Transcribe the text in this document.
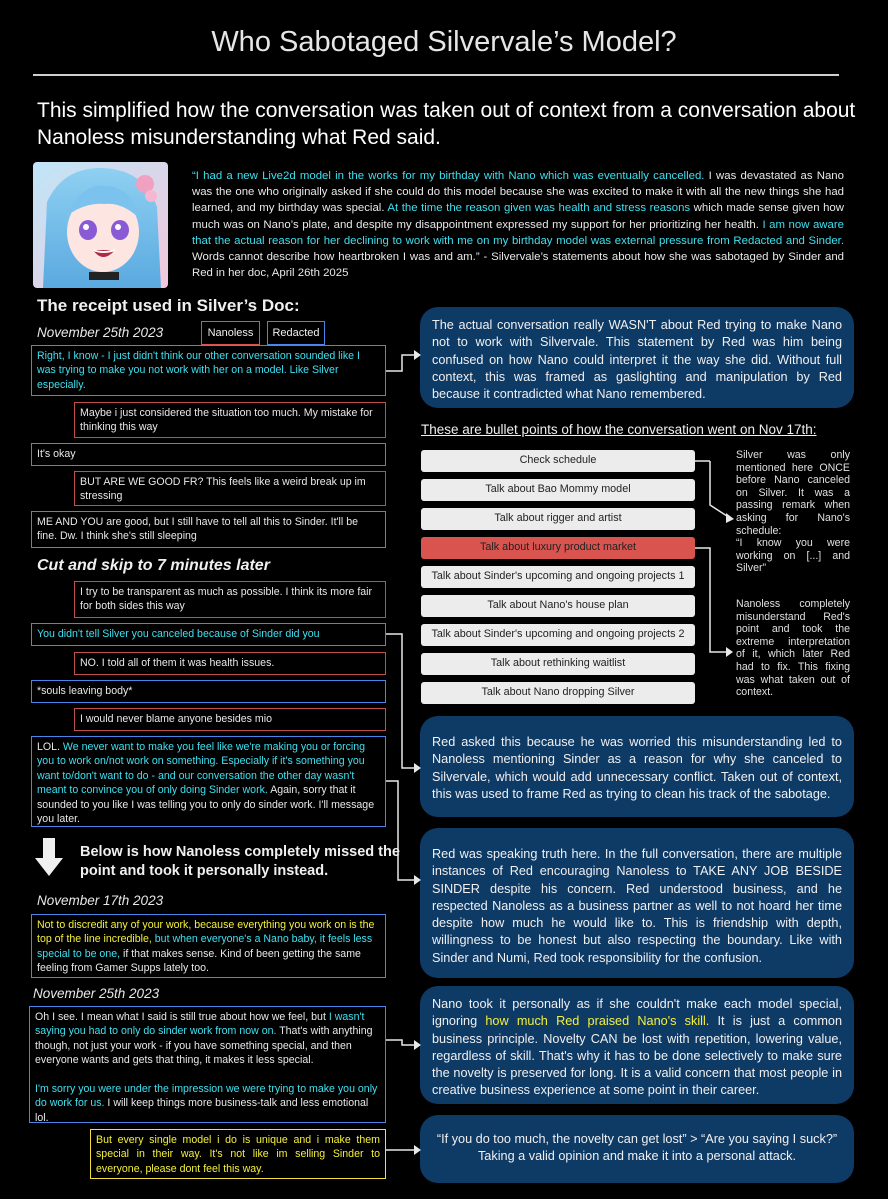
Who Sabotaged Silvervale’s Model?
This simplified how the conversation was taken out of context from a conversation about Nanoless misunderstanding what Red said.
“I had a new Live2d model in the works for my birthday with Nano which was eventually cancelled. I was devastated as Nano was the one who originally asked if she could do this model because she was excited to make it with all the new things she had learned, and my birthday was special. At the time the reason given was health and stress reasons which made sense given how much was on Nano’s plate, and despite my disappointment expressed my support for her prioritizing her health. I am now aware that the actual reason for her declining to work with me on my birthday model was external pressure from Redacted and Sinder. Words cannot describe how heartbroken I was and am.” - Silvervale’s statements about how she was sabotaged by Sinder and Red in her doc, April 26th 2025
The receipt used in Silver’s Doc:
November 25th 2023	Nanoless	Redacted
Right, I know - I just didn't think our other conversation sounded like I was trying to make you not work with her on a model. Like Silver especially.
Maybe i just considered the situation too much. My mistake for thinking this way
It's okay
BUT ARE WE GOOD FR? This feels like a weird break up im stressing
ME AND YOU are good, but I still have to tell all this to Sinder. It'll be fine. Dw. I think she's still sleeping
Cut and skip to 7 minutes later
I try to be transparent as much as possible. I think its more fair for both sides this way
You didn't tell Silver you canceled because of Sinder did you
NO. I told all of them it was health issues.
*souls leaving body*
I would never blame anyone besides mio
LOL. We never want to make you feel like we're making you or forcing you to work on/not work on something. Especially if it's something you want to/don't want to do - and our conversation the other day wasn't meant to convince you of only doing Sinder work. Again, sorry that it sounded to you like I was telling you to only do sinder work. I'll message you later.
Below is how Nanoless completely missed the point and took it personally instead.
November 17th 2023
Not to discredit any of your work, because everything you work on is the top of the line incredible, but when everyone's a Nano baby, it feels less special to be one, if that makes sense. Kind of been getting the same feeling from Gamer Supps lately too.
November 25th 2023
Oh I see. I mean what I said is still true about how we feel, but I wasn't saying you had to only do sinder work from now on. That's with anything though, not just your work - if you have something special, and then everyone wants and gets that thing, it makes it less special.

I'm sorry you were under the impression we were trying to make you only do work for us. I will keep things more business-talk and less emotional lol.
But every single model i do is unique and i make them special in their way. It's not like im selling Sinder to everyone, please dont feel this way.
The actual conversation really WASN'T about Red trying to make Nano not to work with Silvervale. This statement by Red was him being confused on how Nano could interpret it the way she did. Without full context, this was framed as gaslighting and manipulation by Red because it contradicted what Nano remembered.
These are bullet points of how the conversation went on Nov 17th:
Check schedule
Talk about Bao Mommy model
Talk about rigger and artist
Talk about luxury product market
Talk about Sinder's upcoming and ongoing projects 1
Talk about Nano's house plan
Talk about Sinder's upcoming and ongoing projects 2
Talk about rethinking waitlist
Talk about Nano dropping Silver
Silver was only mentioned here ONCE before Nano canceled on Silver. It was a passing remark when asking for Nano's schedule:
“I know you were working on [...] and Silver”
Nanoless completely misunderstand Red's point and took the extreme interpretation of it, which later Red had to fix. This fixing was what taken out of context.
Red asked this because he was worried this misunderstanding led to Nanoless mentioning Sinder as a reason for why she canceled to Silvervale, which would add unnecessary conflict. Taken out of context, this was used to frame Red as trying to clean his track of the sabotage.
Red was speaking truth here. In the full conversation, there are multiple instances of Red encouraging Nanoless to TAKE ANY JOB BESIDE SINDER despite his concern. Red understood business, and he respected Nanoless as a business partner as well to not hoard her time despite how much he would like to. This is friendship with depth, willingness to be honest but also respecting the boundary. Like with Sinder and Numi, Red took responsibility for the confusion.
Nano took it personally as if she couldn't make each model special, ignoring how much Red praised Nano's skill. It is just a common business principle. Novelty CAN be lost with repetition, lowering value, regardless of skill. That's why it has to be done selectively to make sure the novelty is preserved for long. It is a valid concern that most people in creative business experience at some point in their career.
“If you do too much, the novelty can get lost” > “Are you saying I suck?” Taking a valid opinion and make it into a personal attack.
